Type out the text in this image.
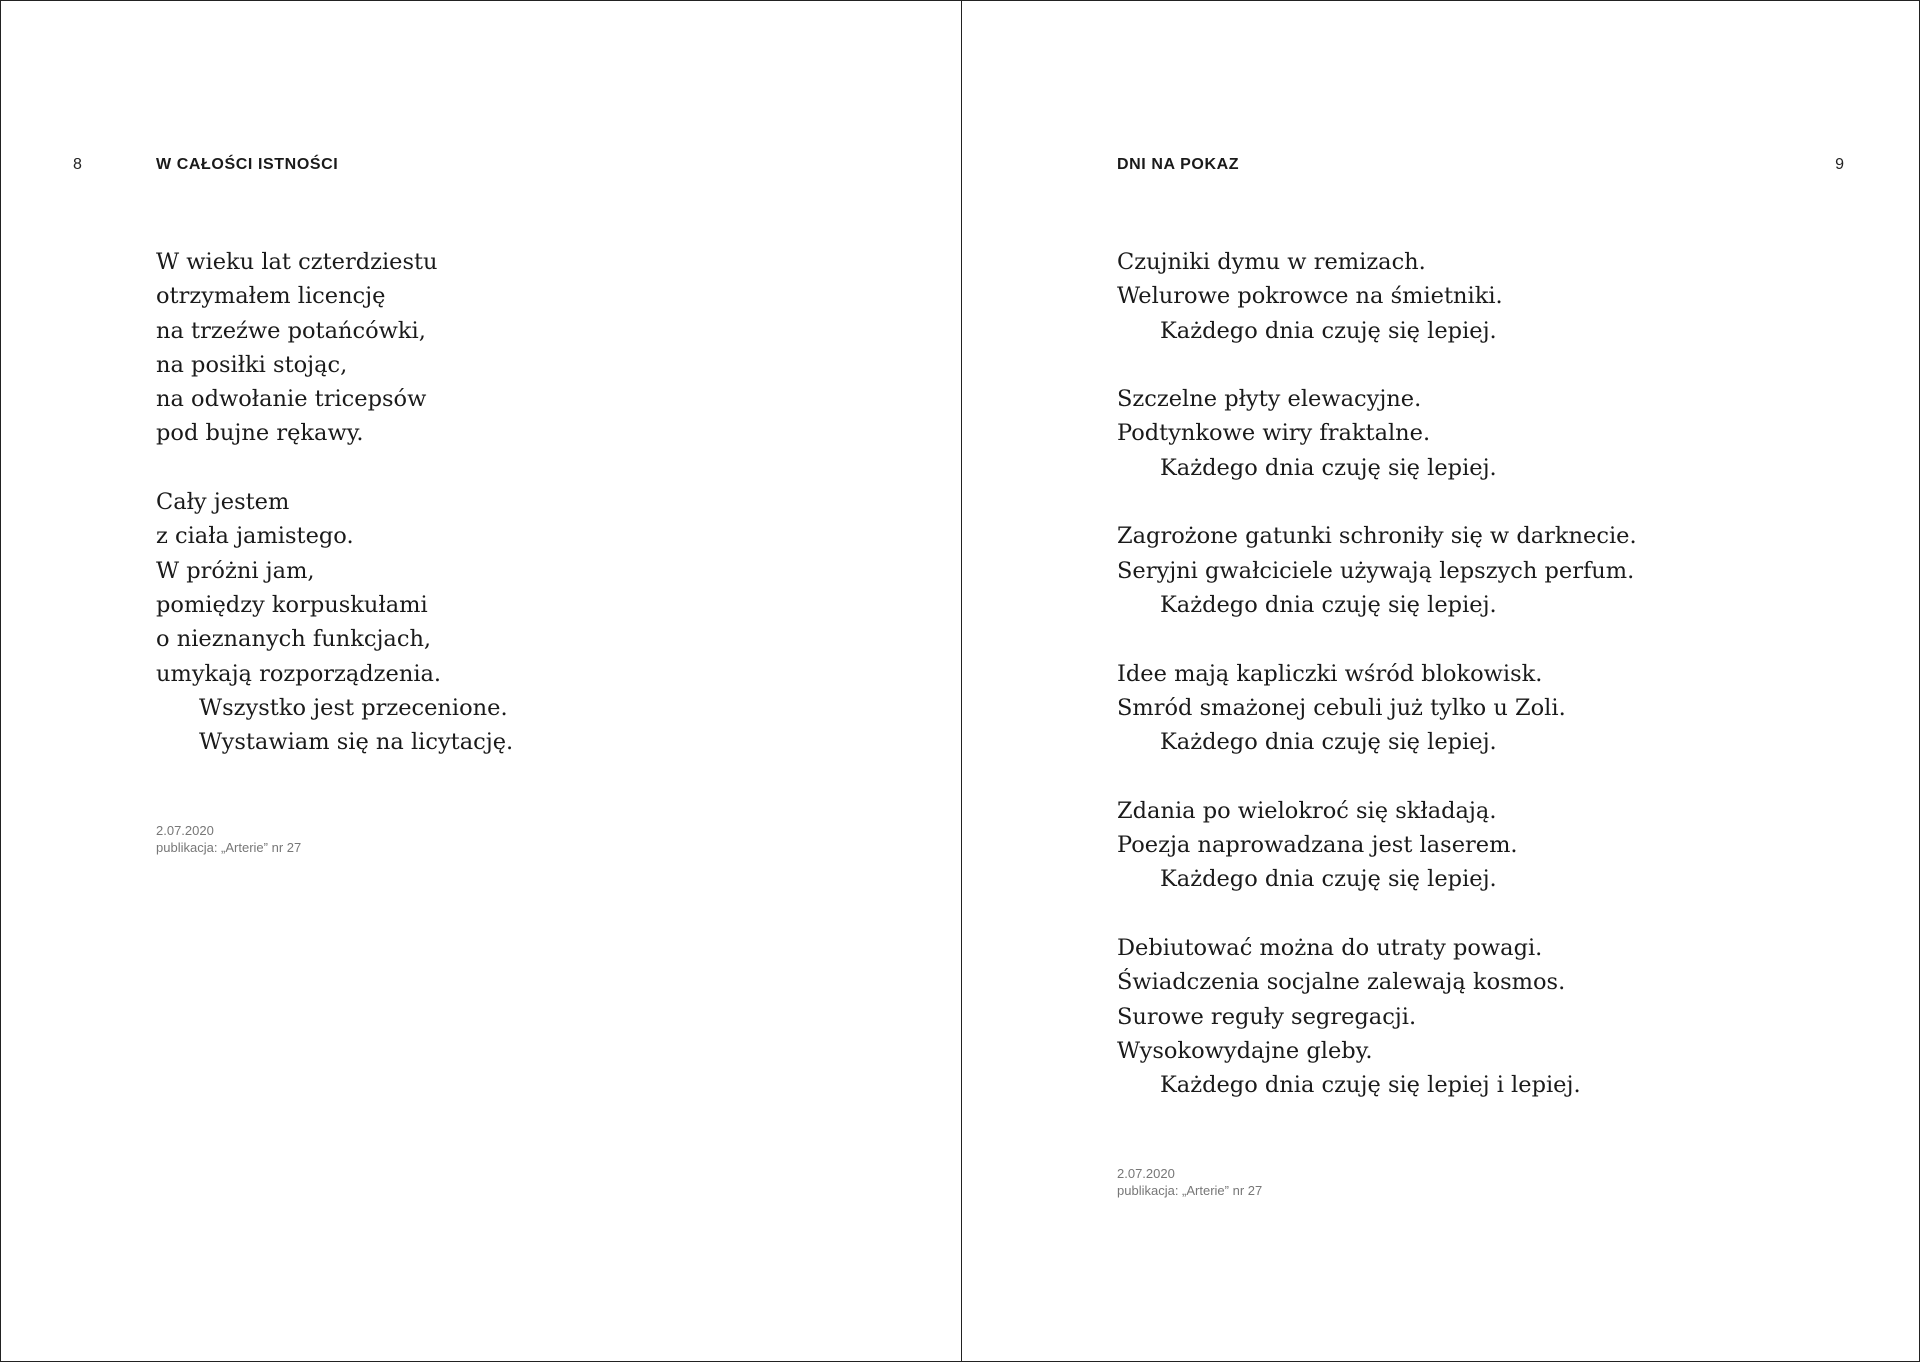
8	W CAŁOŚCI ISTNOŚCI
W wieku lat czterdziestu
otrzymałem licencję
na trzeźwe potańcówki,
na posiłki stojąc,
na odwołanie tricepsów
pod bujne rękawy.
Cały jestem
z ciała jamistego.
W próżni jam,
pomiędzy korpuskułami
o nieznanych funkcjach,
umykają rozporządzenia.
Wszystko jest przecenione.
Wystawiam się na licytację.
2.07.2020
publikacja: „Arterie” nr 27
DNI NA POKAZ	9
Czujniki dymu w remizach.
Welurowe pokrowce na śmietniki.
Każdego dnia czuję się lepiej.
Szczelne płyty elewacyjne.
Podtynkowe wiry fraktalne.
Każdego dnia czuję się lepiej.
Zagrożone gatunki schroniły się w darknecie.
Seryjni gwałciciele używają lepszych perfum.
Każdego dnia czuję się lepiej.
Idee mają kapliczki wśród blokowisk.
Smród smażonej cebuli już tylko u Zoli.
Każdego dnia czuję się lepiej.
Zdania po wielokroć się składają.
Poezja naprowadzana jest laserem.
Każdego dnia czuję się lepiej.
Debiutować można do utraty powagi.
Świadczenia socjalne zalewają kosmos.
Surowe reguły segregacji.
Wysokowydajne gleby.
Każdego dnia czuję się lepiej i lepiej.
2.07.2020
publikacja: „Arterie” nr 27
